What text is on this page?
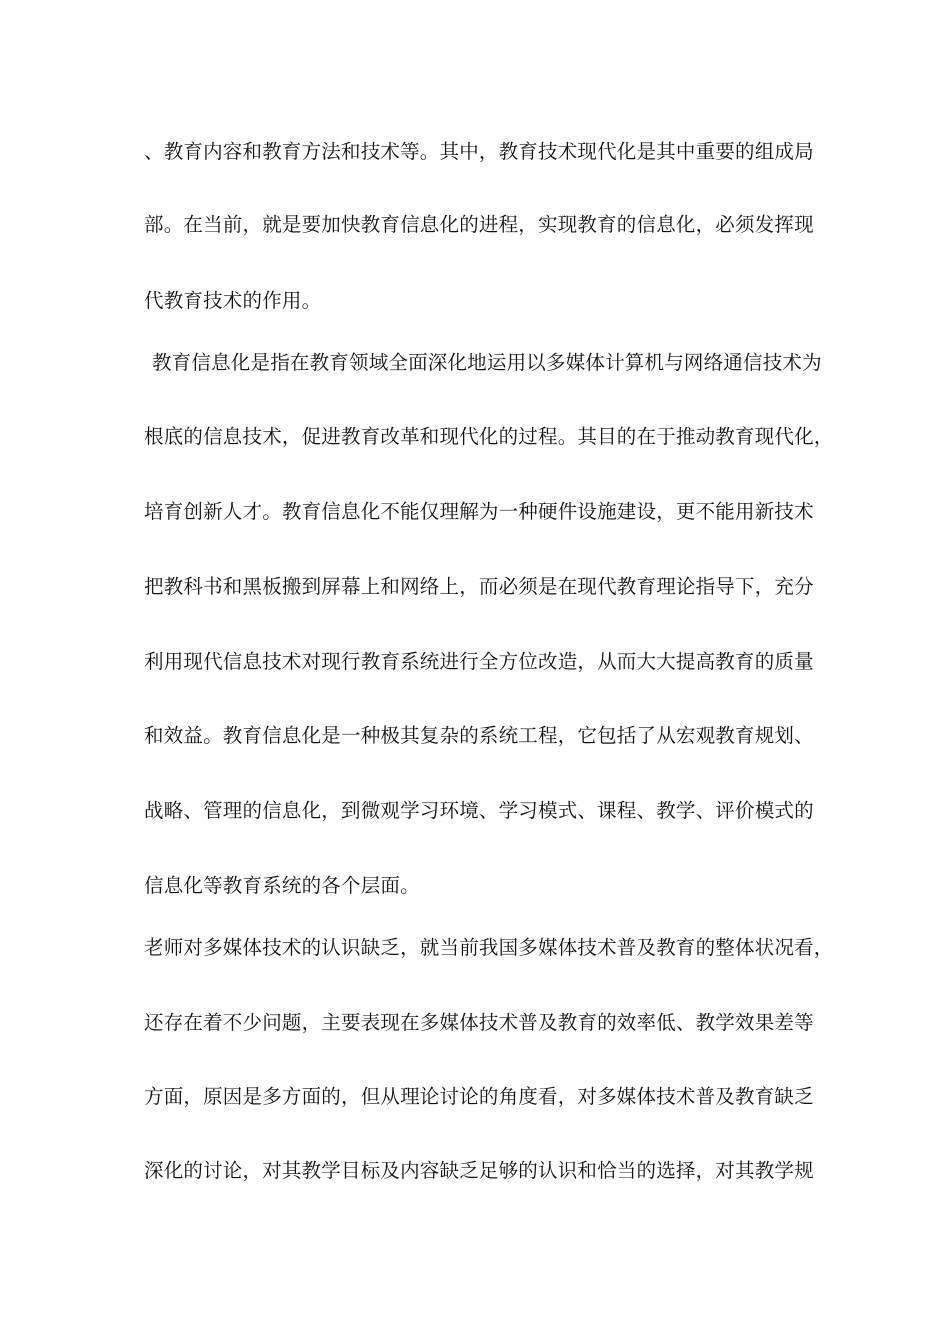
、教育内容和教育方法和技术等。其中，教育技术现代化是其中重要的组成局
部。在当前，就是要加快教育信息化的进程，实现教育的信息化，必须发挥现
代教育技术的作用。
教育信息化是指在教育领域全面深化地运用以多媒体计算机与网络通信技术为
根底的信息技术，促进教育改革和现代化的过程。其目的在于推动教育现代化，
培育创新人才。教育信息化不能仅理解为一种硬件设施建设，更不能用新技术
把教科书和黑板搬到屏幕上和网络上，而必须是在现代教育理论指导下，充分
利用现代信息技术对现行教育系统进行全方位改造，从而大大提高教育的质量
和效益。教育信息化是一种极其复杂的系统工程，它包括了从宏观教育规划、
战略、管理的信息化，到微观学习环境、学习模式、课程、教学、评价模式的
信息化等教育系统的各个层面。
老师对多媒体技术的认识缺乏，就当前我国多媒体技术普及教育的整体状况看，
还存在着不少问题，主要表现在多媒体技术普及教育的效率低、教学效果差等
方面，原因是多方面的，但从理论讨论的角度看，对多媒体技术普及教育缺乏
深化的讨论，对其教学目标及内容缺乏足够的认识和恰当的选择，对其教学规
